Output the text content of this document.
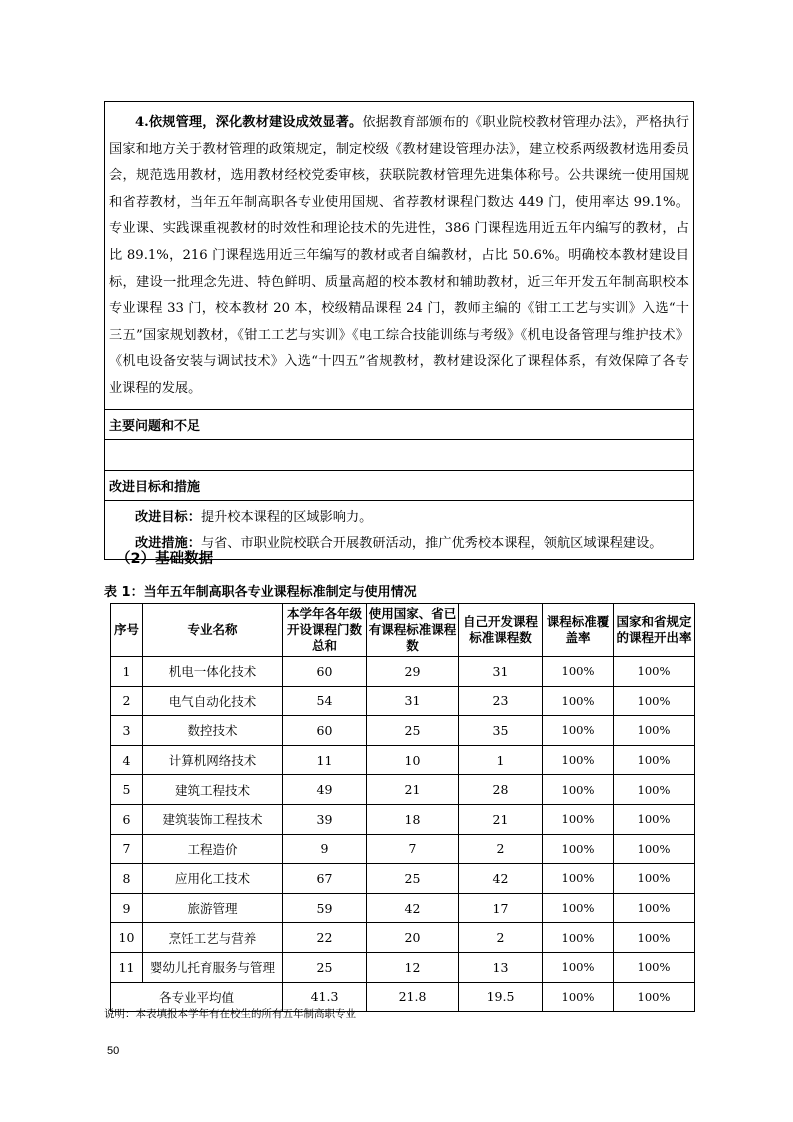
4.依规管理，深化教材建设成效显著。依据教育部颁布的《职业院校教材管理办法》，严格执行国家和地方关于教材管理的政策规定，制定校级《教材建设管理办法》，建立校系两级教材选用委员会，规范选用教材，选用教材经校党委审核，获联院教材管理先进集体称号。公共课统一使用国规和省荐教材，当年五年制高职各专业使用国规、省荐教材课程门数达 449 门，使用率达 99.1%。专业课、实践课重视教材的时效性和理论技术的先进性，386 门课程选用近五年内编写的教材，占比 89.1%，216 门课程选用近三年编写的教材或者自编教材，占比 50.6%。明确校本教材建设目标，建设一批理念先进、特色鲜明、质量高超的校本教材和辅助教材，近三年开发五年制高职校本专业课程 33 门，校本教材 20 本，校级精品课程 24 门，教师主编的《钳工工艺与实训》入选“十三五”国家规划教材，《钳工工艺与实训》《电工综合技能训练与考级》《机电设备管理与维护技术》《机电设备安装与调试技术》入选“十四五”省规教材，教材建设深化了课程体系，有效保障了各专业课程的发展。
主要问题和不足

改进目标和措施

改进目标：提升校本课程的区域影响力。

改进措施：与省、市职业院校联合开展教研活动，推广优秀校本课程，领航区域课程建设。

（2）基础数据
表 1：当年五年制高职各专业课程标准制定与使用情况
序号	专业名称	本学年各年级开设课程门数总和	使用国家、省已有课程标准课程数	自己开发课程标准课程数	课程标准覆盖率	国家和省规定的课程开出率
1	机电一体化技术	60	29	31	100%	100%
2	电气自动化技术	54	31	23	100%	100%
3	数控技术	60	25	35	100%	100%
4	计算机网络技术	11	10	1	100%	100%
5	建筑工程技术	49	21	28	100%	100%
6	建筑装饰工程技术	39	18	21	100%	100%
7	工程造价	9	7	2	100%	100%
8	应用化工技术	67	25	42	100%	100%
9	旅游管理	59	42	17	100%	100%
10	烹饪工艺与营养	22	20	2	100%	100%
11	婴幼儿托育服务与管理	25	12	13	100%	100%
各专业平均值		41.3	21.8	19.5	100%	100%
说明：本表填报本学年有在校生的所有五年制高职专业
50
